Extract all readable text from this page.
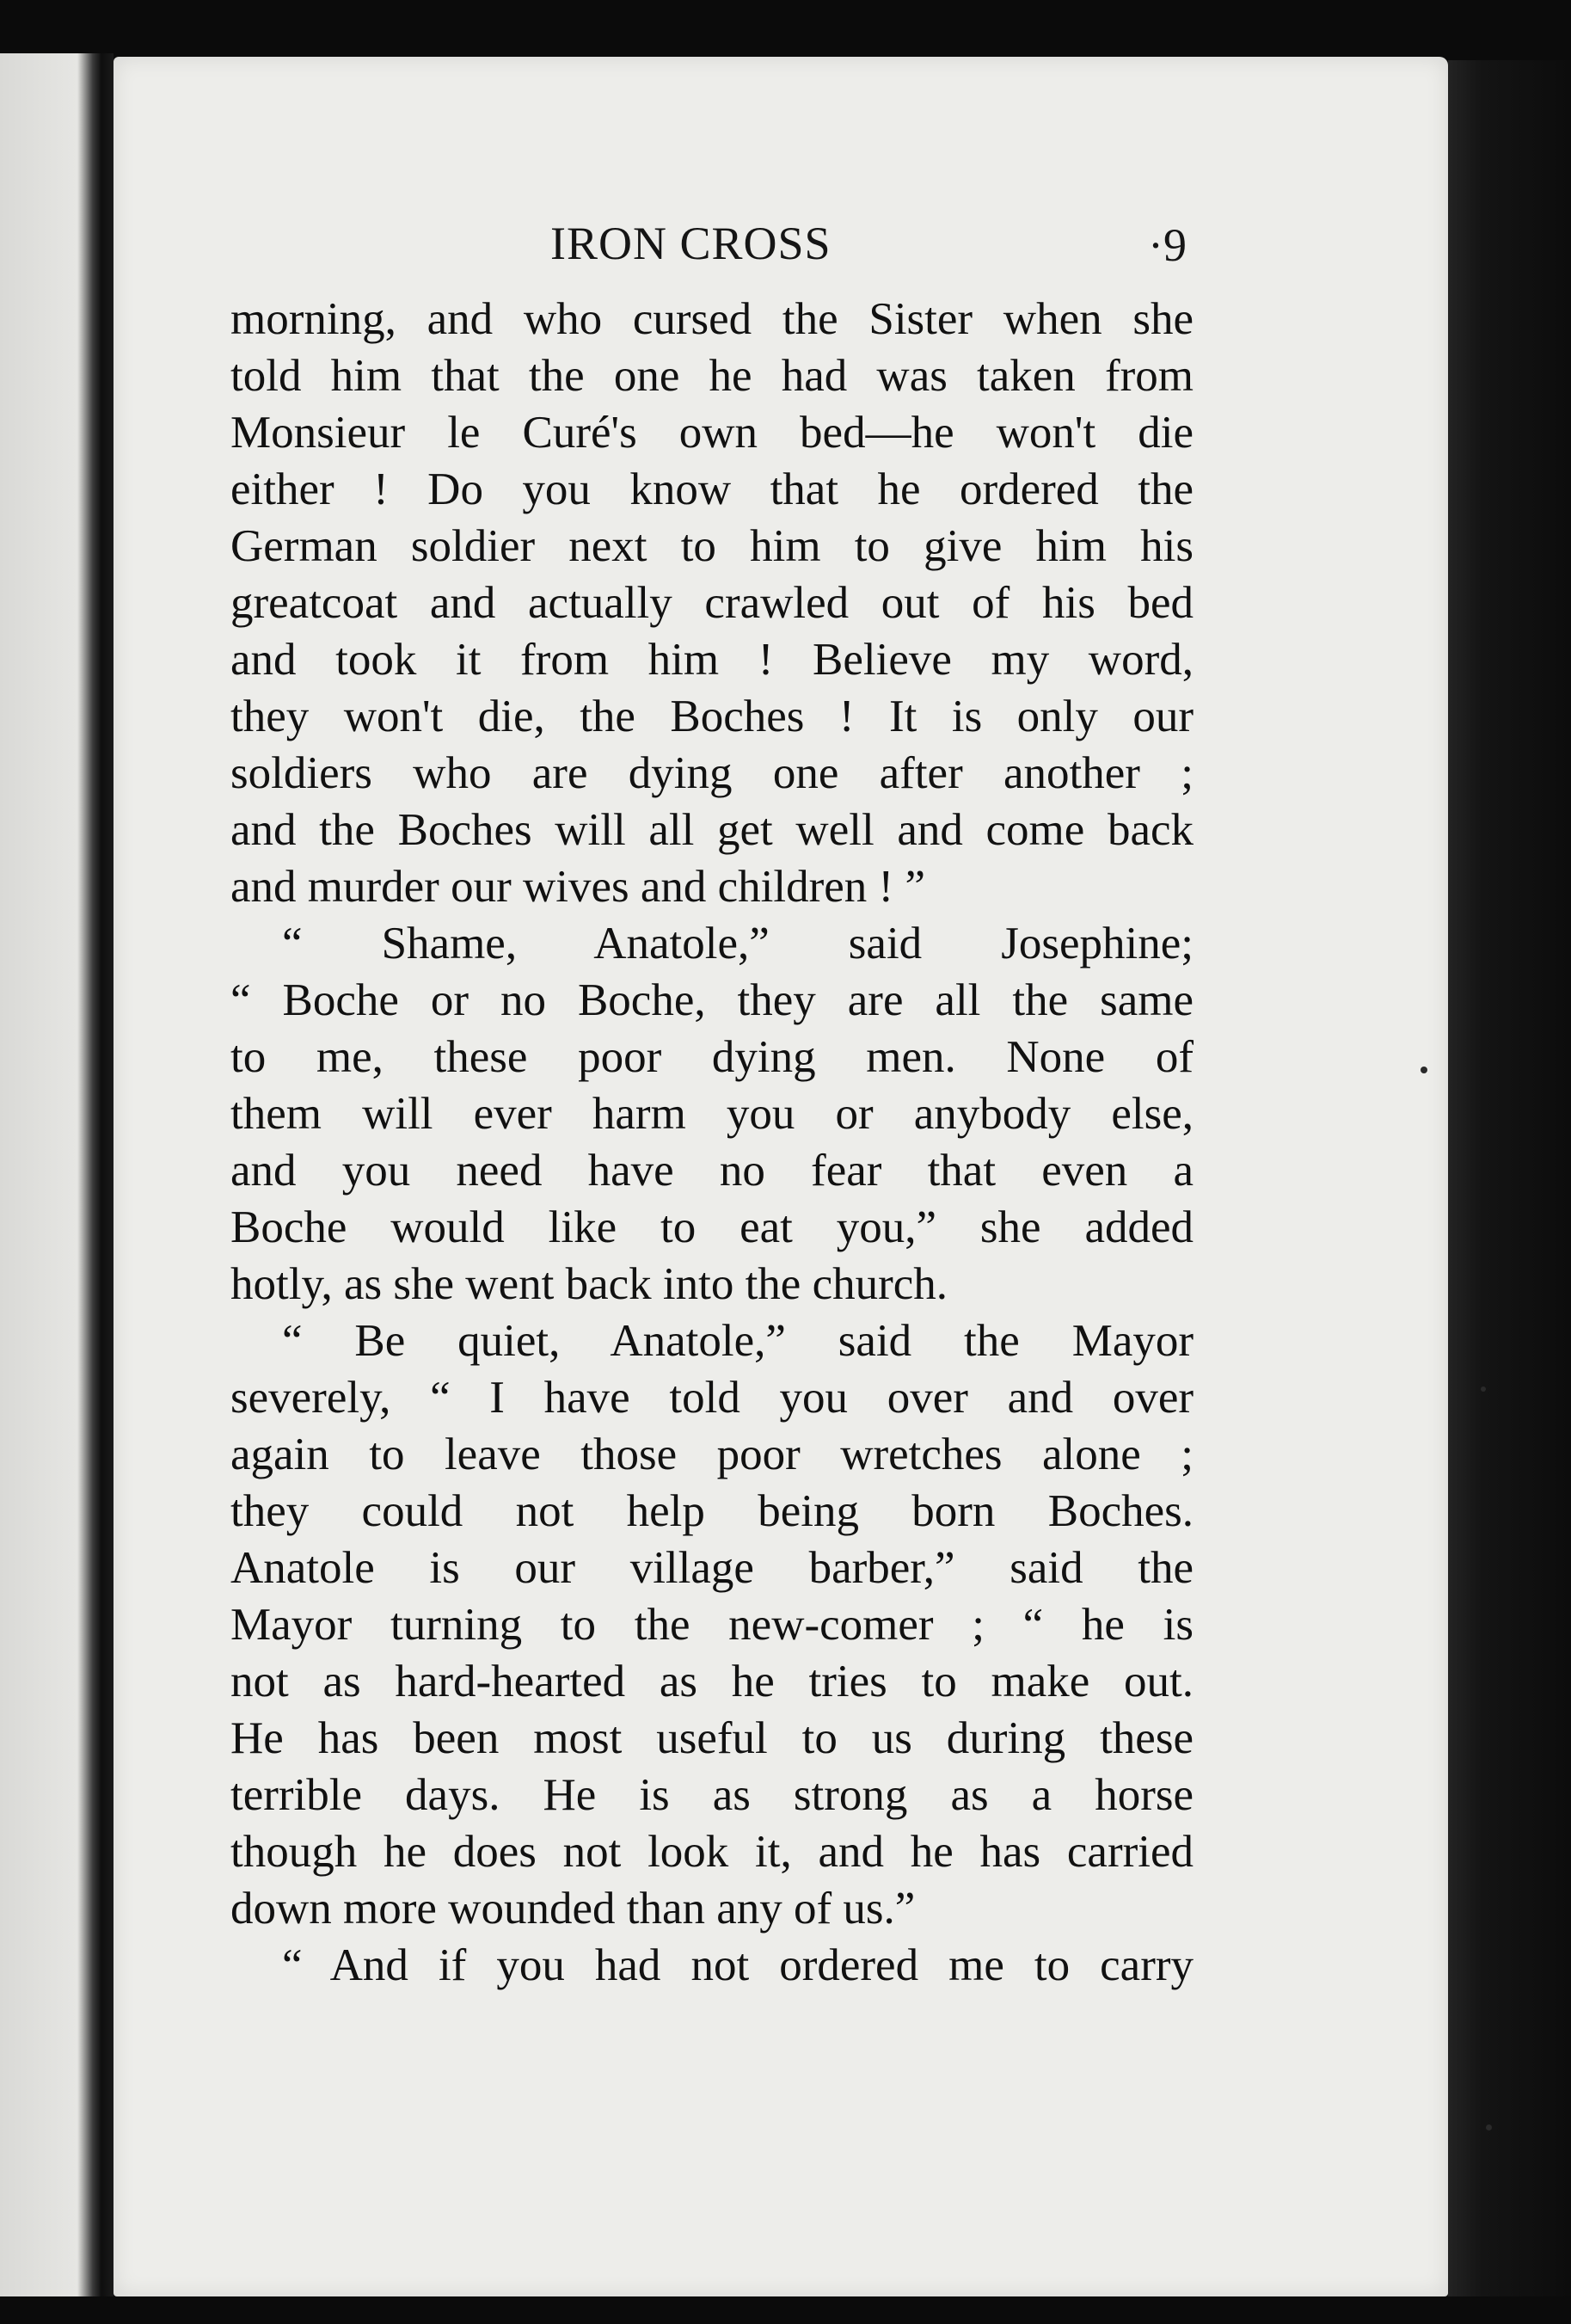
IRON CROSS	·9
morning, and who cursed the Sister when she
told him that the one he had was taken from
Monsieur le Curé's own bed—he won't die
either ! Do you know that he ordered the
German soldier next to him to give him his
greatcoat and actually crawled out of his bed
and took it from him ! Believe my word,
they won't die, the Boches ! It is only our
soldiers who are dying one after another ;
and the Boches will all get well and come back
and murder our wives and children ! ”
“ Shame, Anatole,” said Josephine;
“ Boche or no Boche, they are all the same
to me, these poor dying men. None of
them will ever harm you or anybody else,
and you need have no fear that even a
Boche would like to eat you,” she added
hotly, as she went back into the church.
“ Be quiet, Anatole,” said the Mayor
severely, “ I have told you over and over
again to leave those poor wretches alone ;
they could not help being born Boches.
Anatole is our village barber,” said the
Mayor turning to the new-comer ; “ he is
not as hard-hearted as he tries to make out.
He has been most useful to us during these
terrible days. He is as strong as a horse
though he does not look it, and he has carried
down more wounded than any of us.”
“ And if you had not ordered me to carry
